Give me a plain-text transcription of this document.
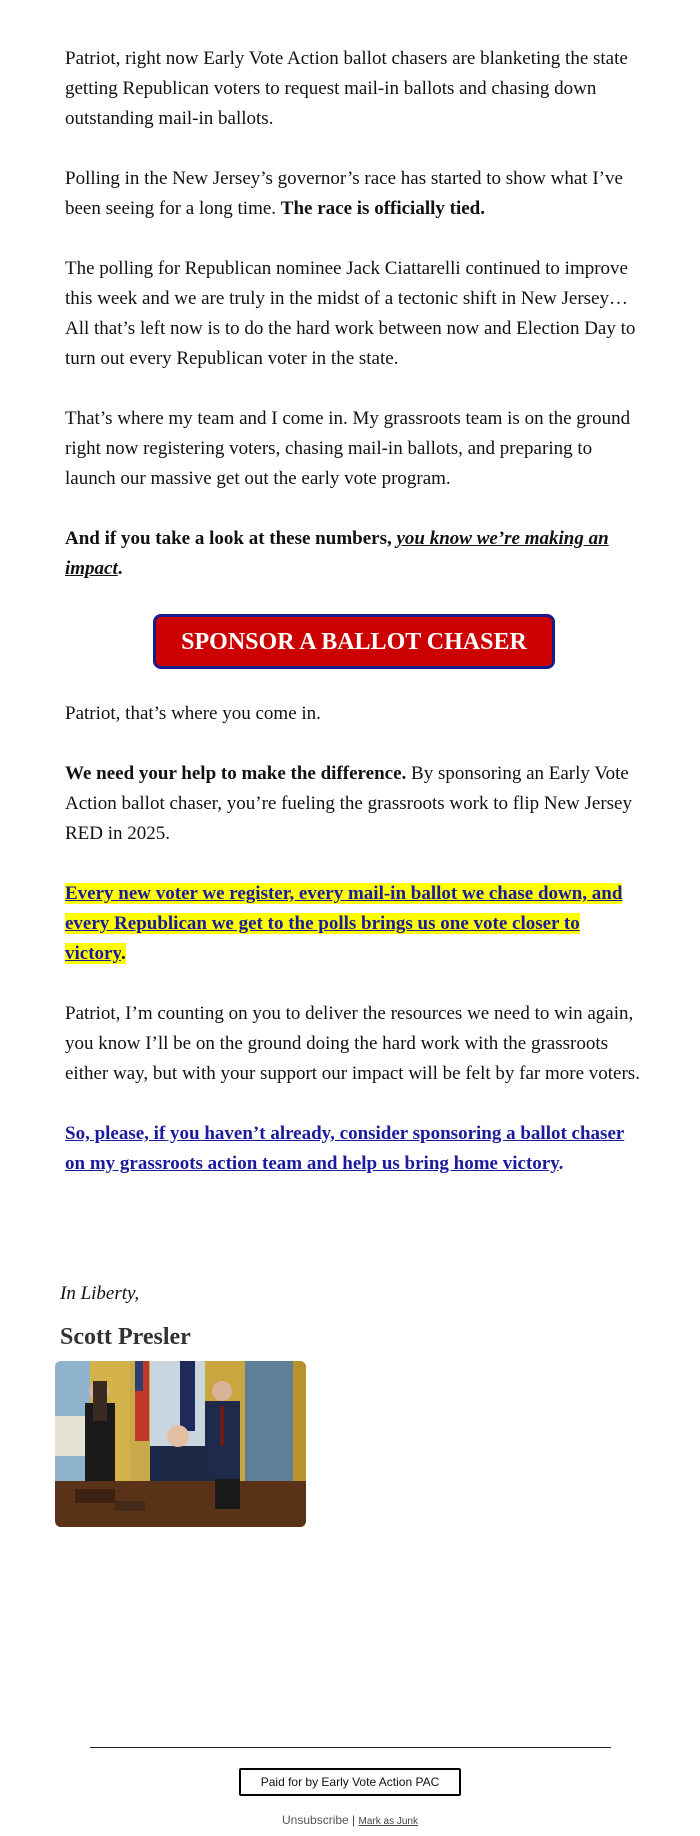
Patriot, right now Early Vote Action ballot chasers are blanketing the state getting Republican voters to request mail-in ballots and chasing down outstanding mail-in ballots.

Polling in the New Jersey’s governor’s race has started to show what I’ve been seeing for a long time. The race is officially tied.

The polling for Republican nominee Jack Ciattarelli continued to improve this week and we are truly in the midst of a tectonic shift in New Jersey… All that’s left now is to do the hard work between now and Election Day to turn out every Republican voter in the state.

That’s where my team and I come in. My grassroots team is on the ground right now registering voters, chasing mail-in ballots, and preparing to launch our massive get out the early vote program.

And if you take a look at these numbers, you know we’re making an impact.

SPONSOR A BALLOT CHASER

Patriot, that’s where you come in.

We need your help to make the difference. By sponsoring an Early Vote Action ballot chaser, you’re fueling the grassroots work to flip New Jersey RED in 2025.

Every new voter we register, every mail-in ballot we chase down, and every Republican we get to the polls brings us one vote closer to victory.

Patriot, I’m counting on you to deliver the resources we need to win again, you know I’ll be on the ground doing the hard work with the grassroots either way, but with your support our impact will be felt by far more voters.

So, please, if you haven’t already, consider sponsoring a ballot chaser on my grassroots action team and help us bring home victory.

In Liberty,

Scott Presler

Paid for by Early Vote Action PAC
Unsubscribe | Mark as Junk
